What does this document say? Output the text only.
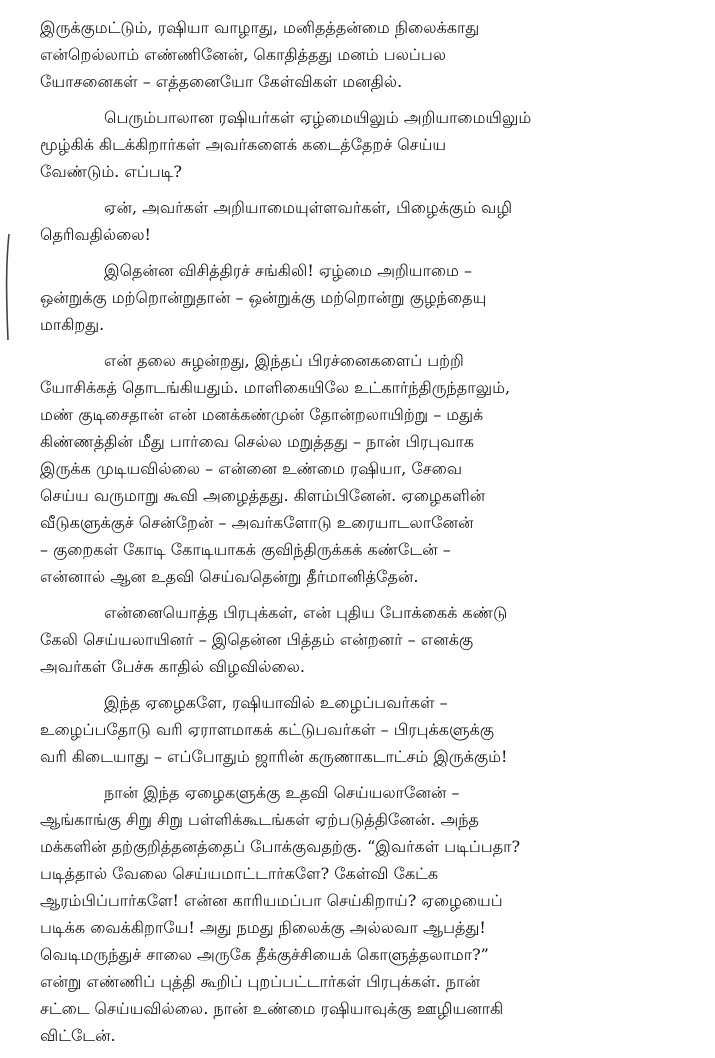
இருக்குமட்டும், ரஷியா வாழாது, மனிதத்தன்மை நிலைக்காது
என்றெல்லாம் எண்ணினேன், கொதித்தது மனம் பலப்பல
யோசனைகள் – எத்தனையோ கேள்விகள் மனதில்.

பெரும்பாலான ரஷியர்கள் ஏழ்மையிலும் அறியாமையிலும்
மூழ்கிக் கிடக்கிறார்கள் அவர்களைக் கடைத்தேறச் செய்ய
வேண்டும். எப்படி?

ஏன், அவர்கள் அறியாமையுள்ளவர்கள், பிழைக்கும் வழி
தெரிவதில்லை!

இதென்ன விசித்திரச் சங்கிலி! ஏழ்மை அறியாமை –
ஒன்றுக்கு மற்றொன்றுதான் – ஒன்றுக்கு மற்றொன்று குழந்தையு
மாகிறது.

என் தலை சுழன்றது, இந்தப் பிரச்னைகளைப் பற்றி
யோசிக்கத் தொடங்கியதும். மாளிகையிலே உட்கார்ந்திருந்தாலும்,
மண் குடிசைதான் என் மனக்கண்முன் தோன்றலாயிற்று – மதுக்
கிண்ணத்தின் மீது பார்வை செல்ல மறுத்தது – நான் பிரபுவாக
இருக்க முடியவில்லை – என்னை உண்மை ரஷியா, சேவை
செய்ய வருமாறு கூவி அழைத்தது. கிளம்பினேன். ஏழைகளின்
வீடுகளுக்குச் சென்றேன் – அவர்களோடு உரையாடலானேன்
– குறைகள் கோடி கோடியாகக் குவிந்திருக்கக் கண்டேன் –
என்னால் ஆன உதவி செய்வதென்று தீர்மானித்தேன்.

என்னையொத்த பிரபுக்கள், என் புதிய போக்கைக் கண்டு
கேலி செய்யலாயினர் – இதென்ன பித்தம் என்றனர் – எனக்கு
அவர்கள் பேச்சு காதில் விழவில்லை.

இந்த ஏழைகளே, ரஷியாவில் உழைப்பவர்கள் –
உழைப்பதோடு வரி ஏராளமாகக் கட்டுபவர்கள் – பிரபுக்களுக்கு
வரி கிடையாது – எப்போதும் ஜாரின் கருணாகடாட்சம் இருக்கும்!

நான் இந்த ஏழைகளுக்கு உதவி செய்யலானேன் –
ஆங்காங்கு சிறு சிறு பள்ளிக்கூடங்கள் ஏற்படுத்தினேன். அந்த
மக்களின் தற்குறித்தனத்தைப் போக்குவதற்கு. “இவர்கள் படிப்பதா?
படித்தால் வேலை செய்யமாட்டார்களே? கேள்வி கேட்க
ஆரம்பிப்பார்களே! என்ன காரியமப்பா செய்கிறாய்? ஏழையைப்
படிக்க வைக்கிறாயே! அது நமது நிலைக்கு அல்லவா ஆபத்து!
வெடிமருந்துச் சாலை அருகே தீக்குச்சியைக் கொளுத்தலாமா?”
என்று எண்ணிப் புத்தி கூறிப் புறப்பட்டார்கள் பிரபுக்கள். நான்
சட்டை செய்யவில்லை. நான் உண்மை ரஷியாவுக்கு ஊழியனாகி
விட்டேன்.
